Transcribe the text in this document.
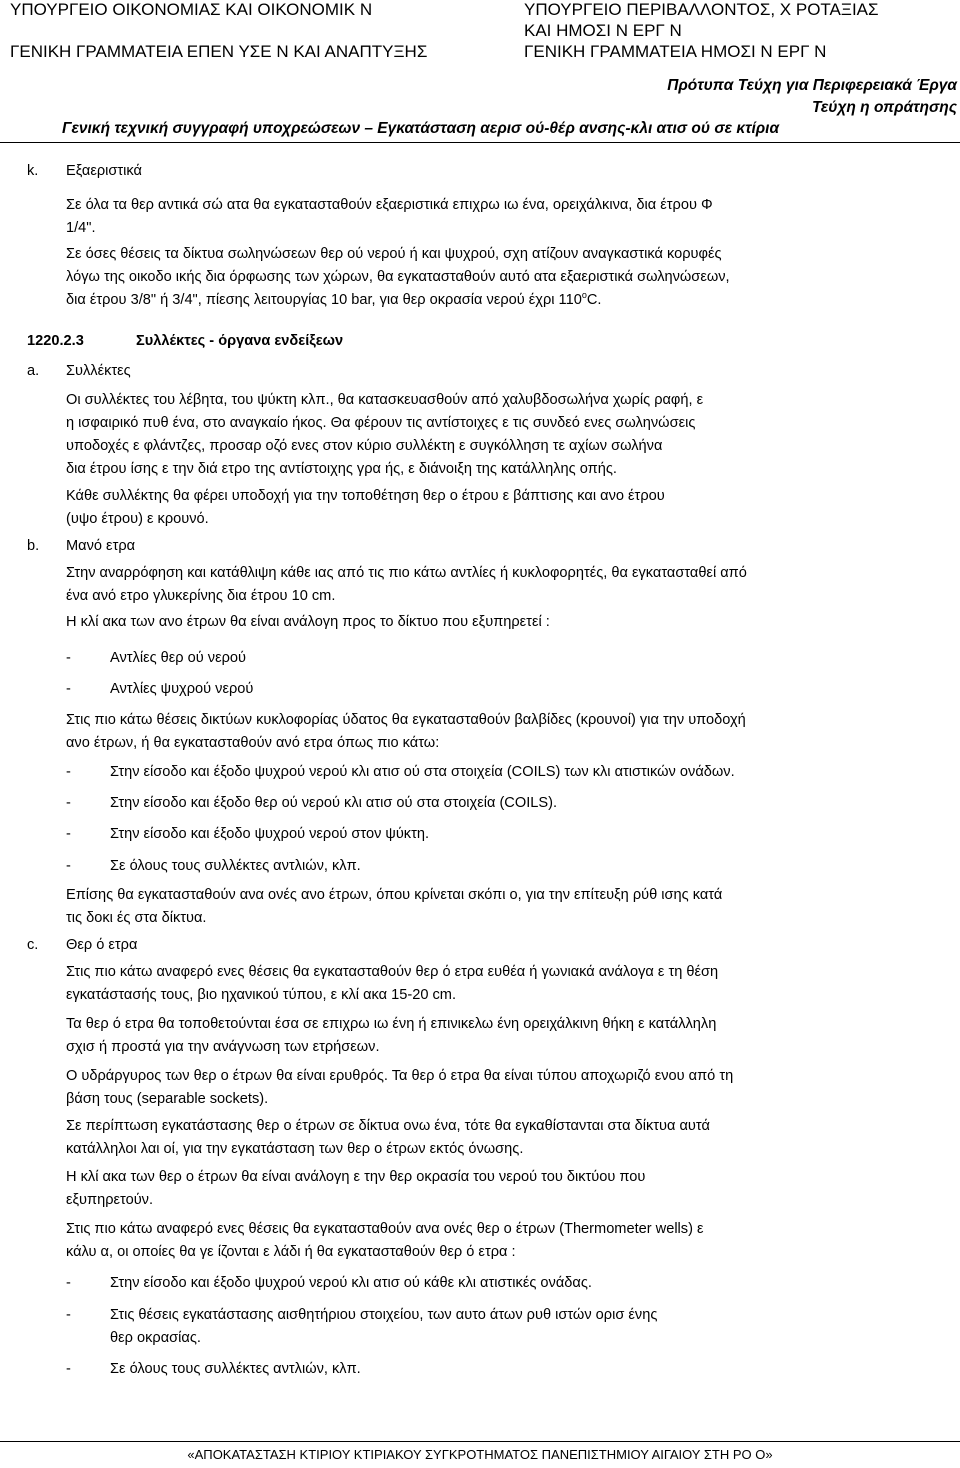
ΥΠΟΥΡΓΕΙΟ ΟΙΚΟΝΟΜΙΑΣ ΚΑΙ ΟΙΚΟΝΟΜΙΚ Ν
ΓΕΝΙΚΗ ΓΡΑΜΜΑΤΕΙΑ ΕΠΕΝ ΥΣΕ Ν ΚΑΙ ΑΝΑΠΤΥΞΗΣ
ΥΠΟΥΡΓΕΙΟ ΠΕΡΙΒΑΛΛΟΝΤΟΣ, Χ ΡΟΤΑΞΙΑΣ
ΚΑΙ ΗΜΟΣΙ Ν ΕΡΓ Ν
ΓΕΝΙΚΗ ΓΡΑΜΜΑΤΕΙΑ ΗΜΟΣΙ Ν ΕΡΓ Ν
Πρότυπα Τεύχη για Περιφερειακά Έργα
Τεύχη η οπράτησης
Γενική τεχνική συγγραφή υποχρεώσεων – Εγκατάσταση αερισ ού-θέρ ανσης-κλι ατισ ού σε κτίρια
k. Εξαεριστικά
Σε όλα τα θερ αντικά σώ ατα θα εγκατασταθούν εξαεριστικά επιχρω ιω ένα, ορειχάλκινα, δια έτρου Φ
1/4".
Σε όσες θέσεις τα δίκτυα σωληνώσεων θερ ού νερού ή και ψυχρού, σχη ατίζουν αναγκαστικά κορυφές
λόγω της οικοδο ικής δια όρφωσης των χώρων, θα εγκατασταθούν αυτό ατα εξαεριστικά σωληνώσεων,
δια έτρου 3/8" ή 3/4", πίεσης λειτουργίας 10 bar, για θερ οκρασία νερού έχρι $110^oC$.
1220.2.3	Συλλέκτες - όργανα ενδείξεων
a. Συλλέκτες
Οι συλλέκτες του λέβητα, του ψύκτη κλπ., θα κατασκευασθούν από χαλυβδοσωλήνα χωρίς ραφή, ε
η ισφαιρικό πυθ ένα, στο αναγκαίο ήκος. Θα φέρουν τις αντίστοιχες ε τις συνδεό ενες σωληνώσεις
υποδοχές ε φλάντζες, προσαρ οζό ενες στον κύριο συλλέκτη ε συγκόλληση τε αχίων σωλήνα
δια έτρου ίσης ε την διά ετρο της αντίστοιχης γρα ής, ε διάνοιξη της κατάλληλης οπής.
Κάθε συλλέκτης θα φέρει υποδοχή για την τοποθέτηση θερ ο έτρου ε βάπτισης και ανο έτρου
(υψο έτρου) ε κρουνό.
b. Μανό ετρα
Στην αναρρόφηση και κατάθλιψη κάθε ιας από τις πιο κάτω αντλίες ή κυκλοφορητές, θα εγκατασταθεί από
ένα ανό ετρο γλυκερίνης δια έτρου 10 cm.
Η κλί ακα των ανο έτρων θα είναι ανάλογη προς το δίκτυο που εξυπηρετεί :
-	Αντλίες θερ ού νερού
-	Αντλίες ψυχρού νερού
Στις πιο κάτω θέσεις δικτύων κυκλοφορίας ύδατος θα εγκατασταθούν βαλβίδες (κρουνοί) για την υποδοχή
ανο έτρων, ή θα εγκατασταθούν ανό ετρα όπως πιο κάτω:
-	Στην είσοδο και έξοδο ψυχρού νερού κλι ατισ ού στα στοιχεία (COILS) των κλι ατιστικών ονάδων.
-	Στην είσοδο και έξοδο θερ ού νερού κλι ατισ ού στα στοιχεία (COILS).
-	Στην είσοδο και έξοδο ψυχρού νερού στον ψύκτη.
-	Σε όλους τους συλλέκτες αντλιών, κλπ.
Επίσης θα εγκατασταθούν ανα ονές ανο έτρων, όπου κρίνεται σκόπι ο, για την επίτευξη ρύθ ισης κατά
τις δοκι ές στα δίκτυα.
c. Θερ ό ετρα
Στις πιο κάτω αναφερό ενες θέσεις θα εγκατασταθούν θερ ό ετρα ευθέα ή γωνιακά ανάλογα ε τη θέση
εγκατάστασής τους, βιο ηχανικού τύπου, ε κλί ακα 15-20 cm.
Τα θερ ό ετρα θα τοποθετούνται έσα σε επιχρω ιω ένη ή επινικελω ένη ορειχάλκινη θήκη ε κατάλληλη
σχισ ή προστά για την ανάγνωση των ετρήσεων.
Ο υδράργυρος των θερ ο έτρων θα είναι ερυθρός. Τα θερ ό ετρα θα είναι τύπου αποχωριζό ενου από τη
βάση τους (separable sockets).
Σε περίπτωση εγκατάστασης θερ ο έτρων σε δίκτυα ονω ένα, τότε θα εγκαθίστανται στα δίκτυα αυτά
κατάλληλοι λαι οί, για την εγκατάσταση των θερ ο έτρων εκτός όνωσης.
Η κλί ακα των θερ ο έτρων θα είναι ανάλογη ε την θερ οκρασία του νερού του δικτύου που
εξυπηρετούν.
Στις πιο κάτω αναφερό ενες θέσεις θα εγκατασταθούν ανα ονές θερ ο έτρων (Thermometer wells) ε
κάλυ α, οι οποίες θα γε ίζονται ε λάδι ή θα εγκατασταθούν θερ ό ετρα :
-	Στην είσοδο και έξοδο ψυχρού νερού κλι ατισ ού κάθε κλι ατιστικές ονάδας.
-	Στις θέσεις εγκατάστασης αισθητήριου στοιχείου, των αυτο άτων ρυθ ιστών ορισ ένης
θερ οκρασίας.
-	Σε όλους τους συλλέκτες αντλιών, κλπ.
«ΑΠΟΚΑΤΑΣΤΑΣΗ ΚΤΙΡΙΟΥ ΚΤΙΡΙΑΚΟΥ ΣΥΓΚΡΟΤΗΜΑΤΟΣ ΠΑΝΕΠΙΣΤΗΜΙΟΥ ΑΙΓΑΙΟΥ ΣΤΗ ΡΟ Ο»
